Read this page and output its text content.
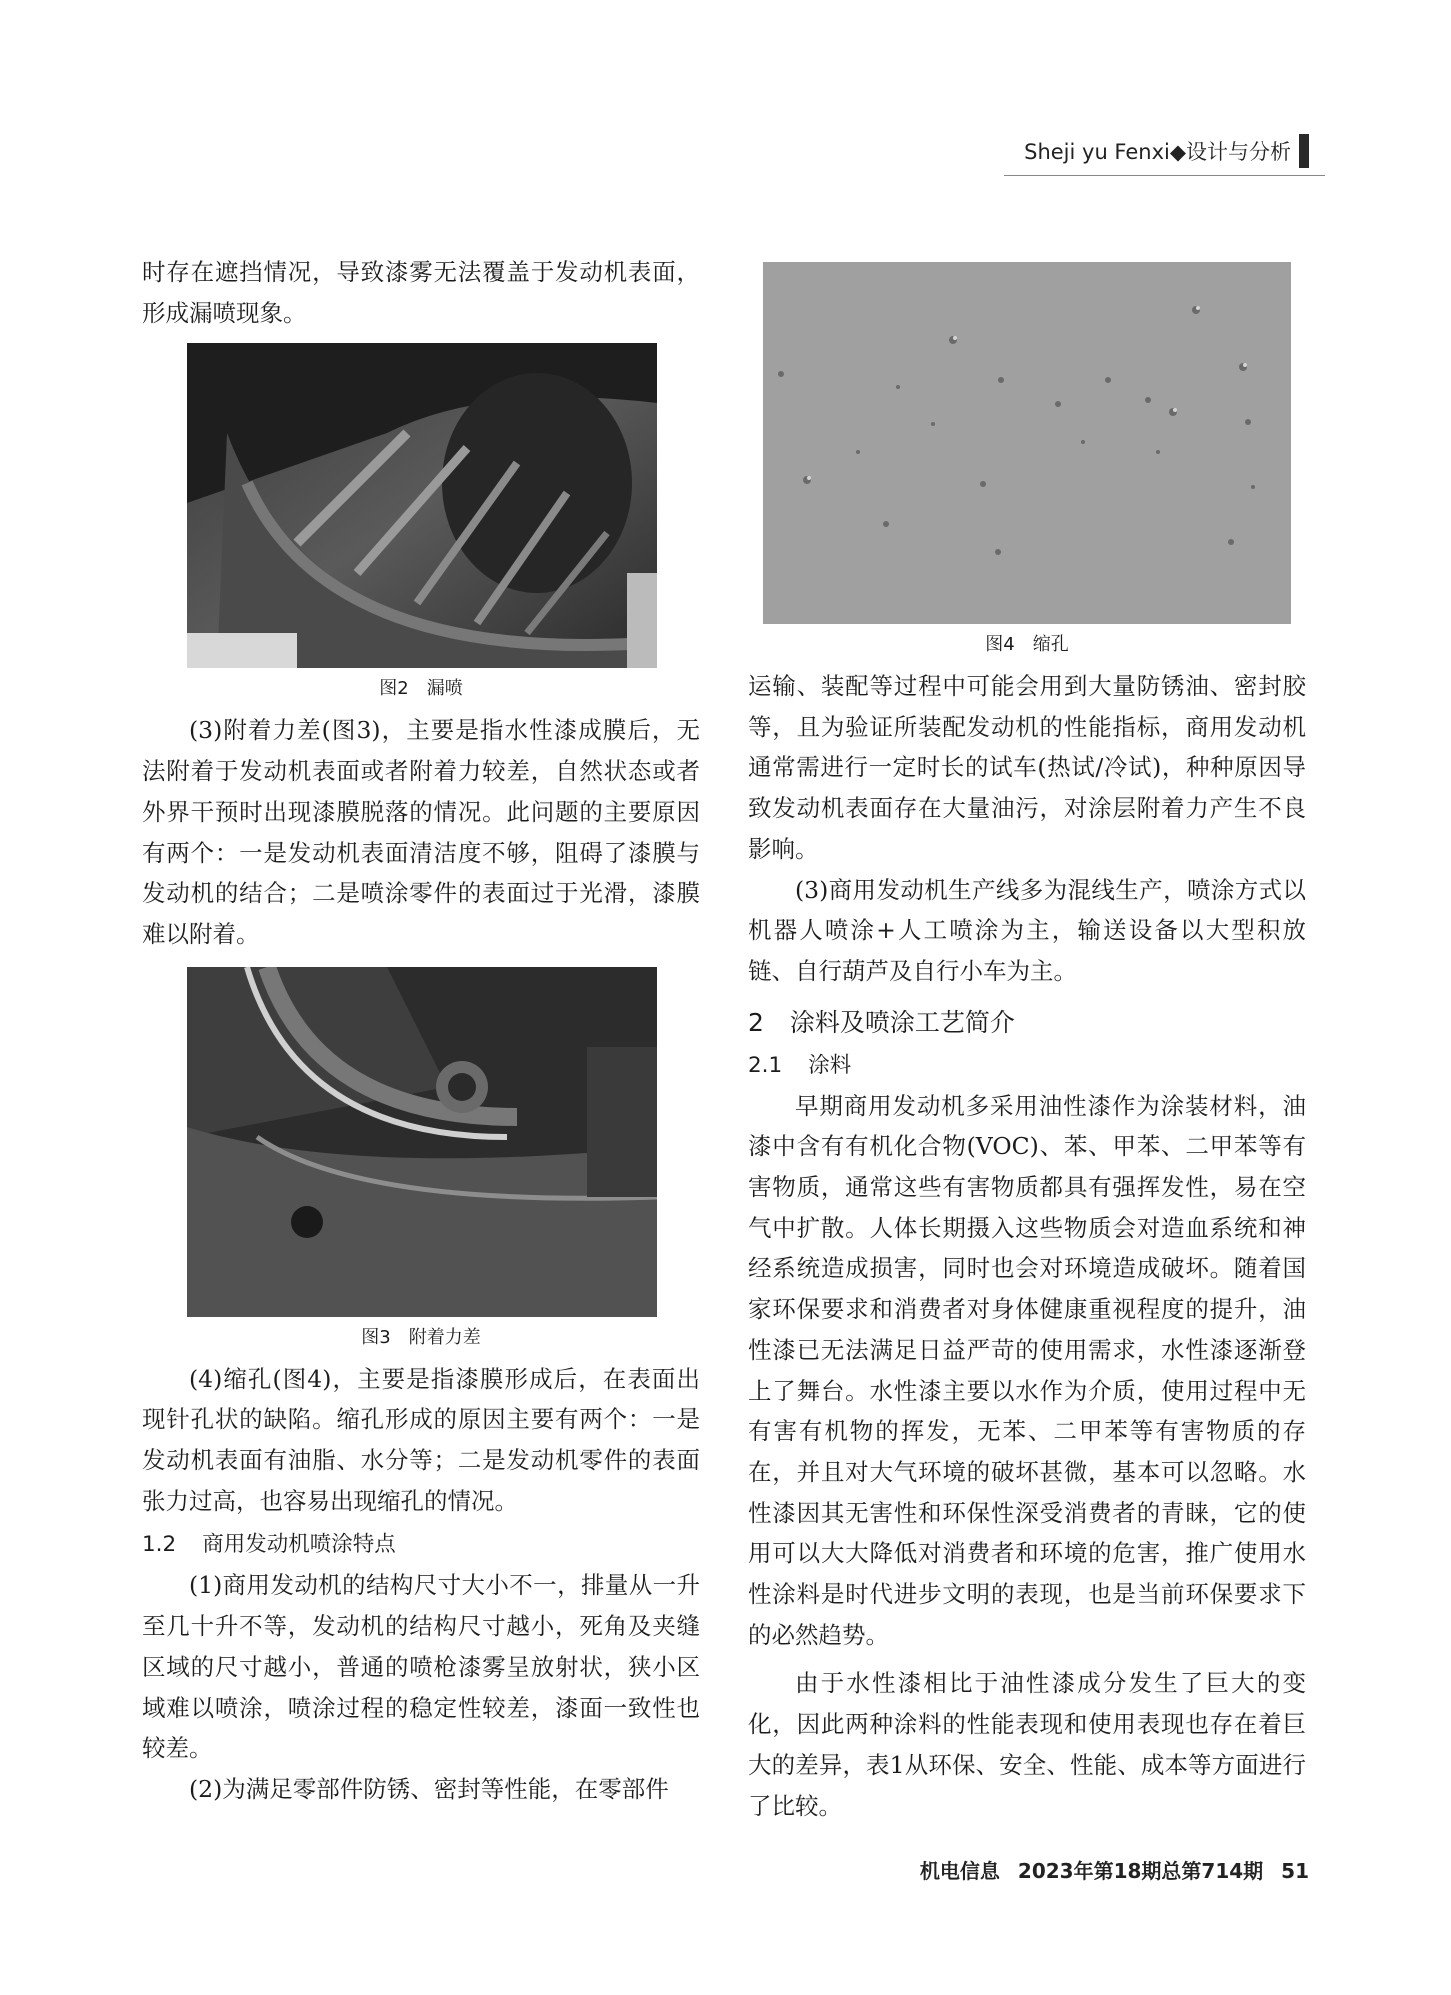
Sheji yu Fenxi◆设计与分析

时存在遮挡情况，导致漆雾无法覆盖于发动机表面，形成漏喷现象。

图2 漏喷

(3)附着力差(图3)，主要是指水性漆成膜后，无法附着于发动机表面或者附着力较差，自然状态或者外界干预时出现漆膜脱落的情况。此问题的主要原因有两个：一是发动机表面清洁度不够，阻碍了漆膜与发动机的结合；二是喷涂零件的表面过于光滑，漆膜难以附着。

图3 附着力差

(4)缩孔(图4)，主要是指漆膜形成后，在表面出现针孔状的缺陷。缩孔形成的原因主要有两个：一是发动机表面有油脂、水分等；二是发动机零件的表面张力过高，也容易出现缩孔的情况。

1.2 商用发动机喷涂特点

(1)商用发动机的结构尺寸大小不一，排量从一升至几十升不等，发动机的结构尺寸越小，死角及夹缝区域的尺寸越小，普通的喷枪漆雾呈放射状，狭小区域难以喷涂，喷涂过程的稳定性较差，漆面一致性也较差。

(2)为满足零部件防锈、密封等性能，在零部件

图4 缩孔

运输、装配等过程中可能会用到大量防锈油、密封胶等，且为验证所装配发动机的性能指标，商用发动机通常需进行一定时长的试车(热试/冷试)，种种原因导致发动机表面存在大量油污，对涂层附着力产生不良影响。

(3)商用发动机生产线多为混线生产，喷涂方式以机器人喷涂+人工喷涂为主，输送设备以大型积放链、自行葫芦及自行小车为主。

2 涂料及喷涂工艺简介
2.1 涂料

早期商用发动机多采用油性漆作为涂装材料，油漆中含有有机化合物(VOC)、苯、甲苯、二甲苯等有害物质，通常这些有害物质都具有强挥发性，易在空气中扩散。人体长期摄入这些物质会对造血系统和神经系统造成损害，同时也会对环境造成破坏。随着国家环保要求和消费者对身体健康重视程度的提升，油性漆已无法满足日益严苛的使用需求，水性漆逐渐登上了舞台。水性漆主要以水作为介质，使用过程中无有害有机物的挥发，无苯、二甲苯等有害物质的存在，并且对大气环境的破坏甚微，基本可以忽略。水性漆因其无害性和环保性深受消费者的青睐，它的使用可以大大降低对消费者和环境的危害，推广使用水性涂料是时代进步文明的表现，也是当前环保要求下的必然趋势。

由于水性漆相比于油性漆成分发生了巨大的变化，因此两种涂料的性能表现和使用表现也存在着巨大的差异，表1从环保、安全、性能、成本等方面进行了比较。

机电信息 2023年第18期总第714期 51
